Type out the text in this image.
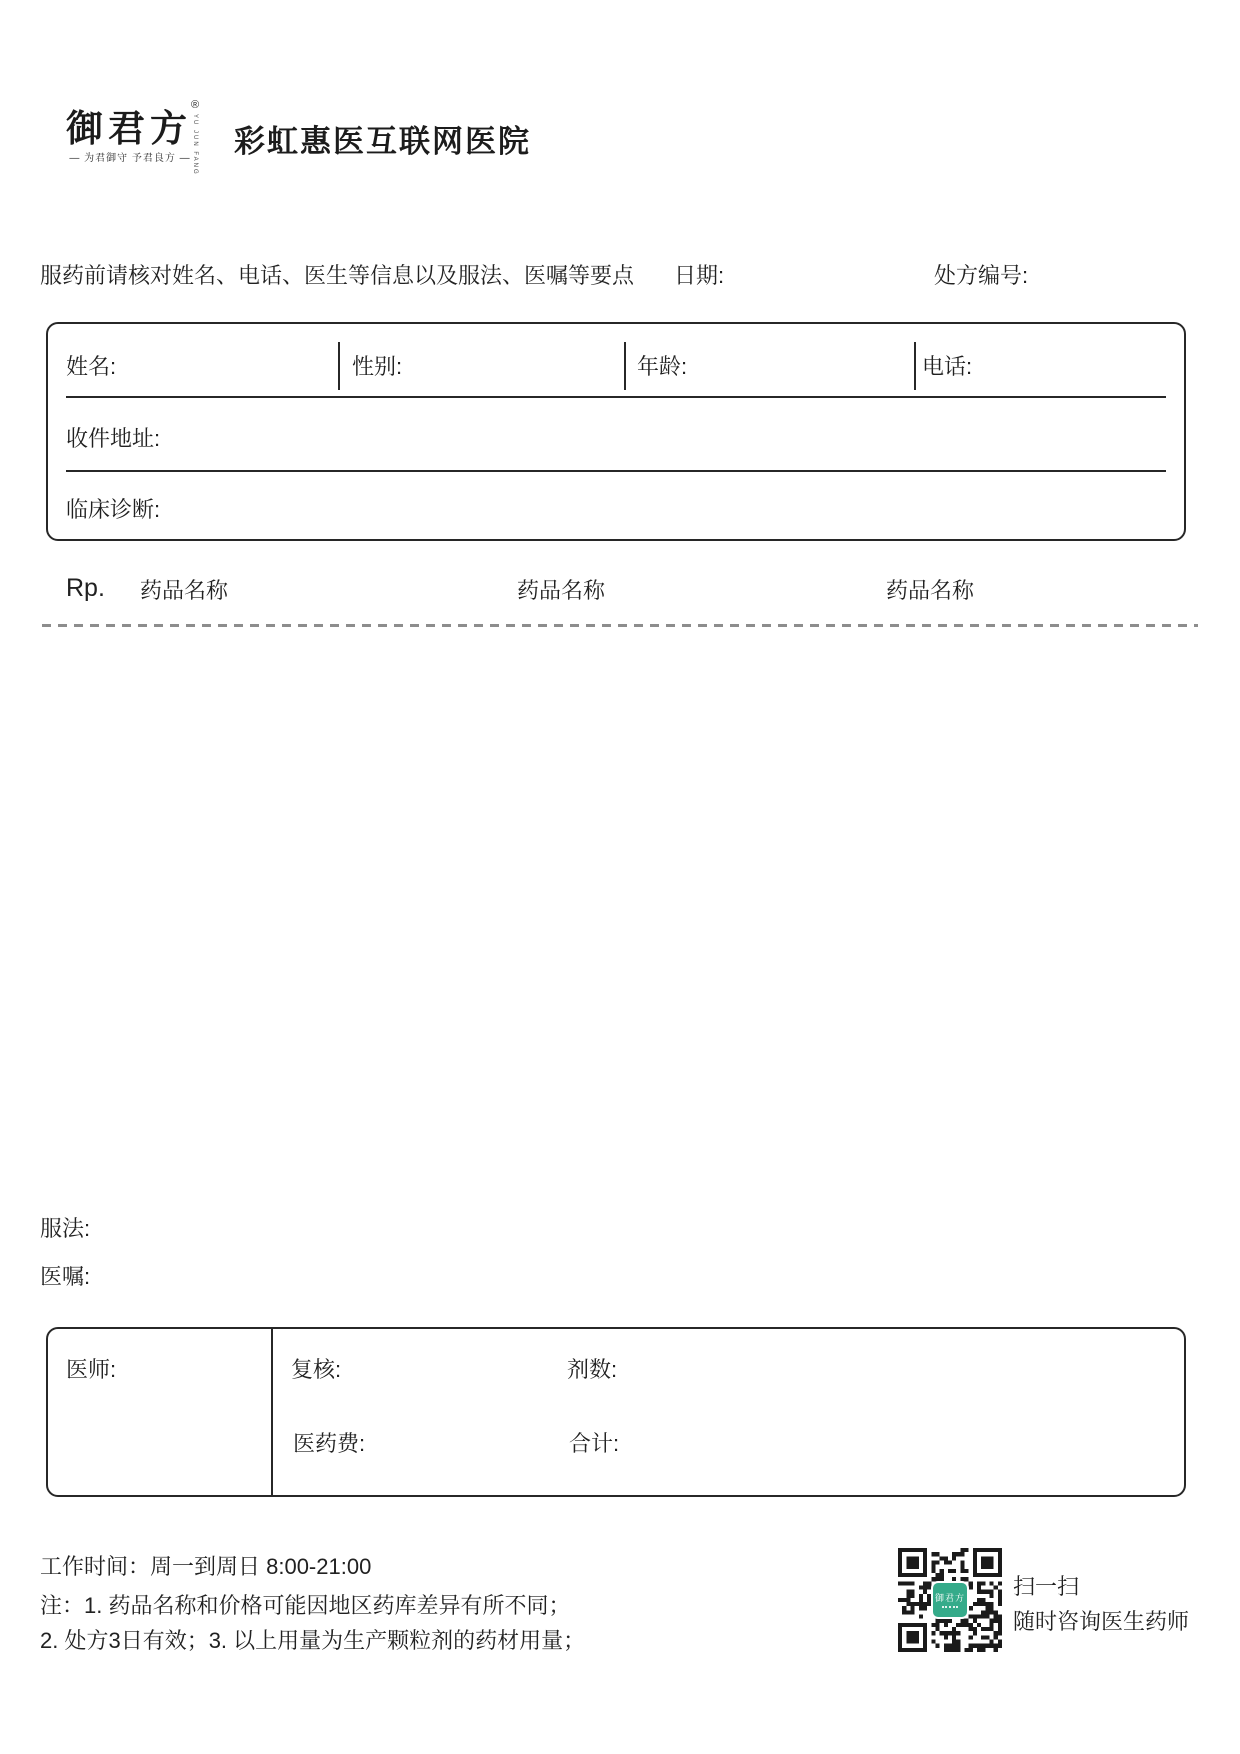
御君方
®
YU JUN FANG
— 为君御守 予君良方 — 彩虹惠医互联网医院
服药前请核对姓名、电话、医生等信息以及服法、医嘱等要点 日期:	处方编号:
姓名:	性别:	年龄:	电话:
收件地址:
临床诊断:
Rp. 药品名称	药品名称	药品名称
服法:
医嘱:
医师:	复核:	剂数:
医药费:	合计:
工作时间：周一到周日 8:00-21:00
注：1. 药品名称和价格可能因地区药库差异有所不同；
2. 处方3日有效；3. 以上用量为生产颗粒剂的药材用量；
御君方 扫一扫
随时咨询医生药师
